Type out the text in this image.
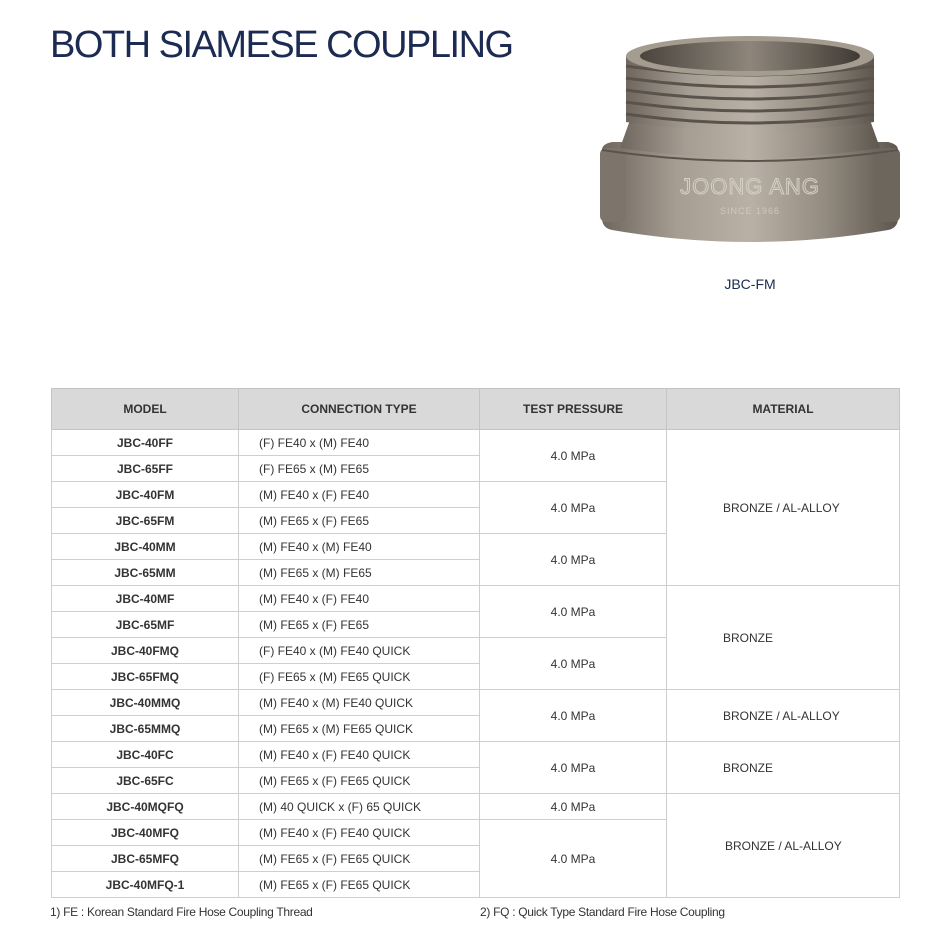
BOTH SIAMESE COUPLING
JOONG ANG
SINCE 1966
JBC-FM
MODEL	CONNECTION TYPE	TEST PRESSURE	MATERIAL
JBC-40FF	(F) FE40 x (M) FE40	4.0 MPa	BRONZE / AL-ALLOY
JBC-65FF	(F) FE65 x (M) FE65		
JBC-40FM	(M) FE40 x (F) FE40	4.0 MPa	
JBC-65FM	(M) FE65 x (F) FE65		
JBC-40MM	(M) FE40 x (M) FE40	4.0 MPa	
JBC-65MM	(M) FE65 x (M) FE65		
JBC-40MF	(M) FE40 x (F) FE40	4.0 MPa	BRONZE
JBC-65MF	(M) FE65 x (F) FE65		
JBC-40FMQ	(F) FE40 x (M) FE40 QUICK	4.0 MPa	
JBC-65FMQ	(F) FE65 x (M) FE65 QUICK		
JBC-40MMQ	(M) FE40 x (M) FE40 QUICK	4.0 MPa	BRONZE / AL-ALLOY
JBC-65MMQ	(M) FE65 x (M) FE65 QUICK		
JBC-40FC	(M) FE40 x (F) FE40 QUICK	4.0 MPa	BRONZE
JBC-65FC	(M) FE65 x (F) FE65 QUICK		
JBC-40MQFQ	(M) 40 QUICK x (F) 65 QUICK	4.0 MPa	BRONZE / AL-ALLOY
JBC-40MFQ	(M) FE40 x (F) FE40 QUICK	4.0 MPa	
JBC-65MFQ	(M) FE65 x (F) FE65 QUICK		
JBC-40MFQ-1	(M) FE65 x (F) FE65 QUICK		
1) FE : Korean Standard Fire Hose Coupling Thread	2) FQ : Quick Type Standard Fire Hose Coupling
